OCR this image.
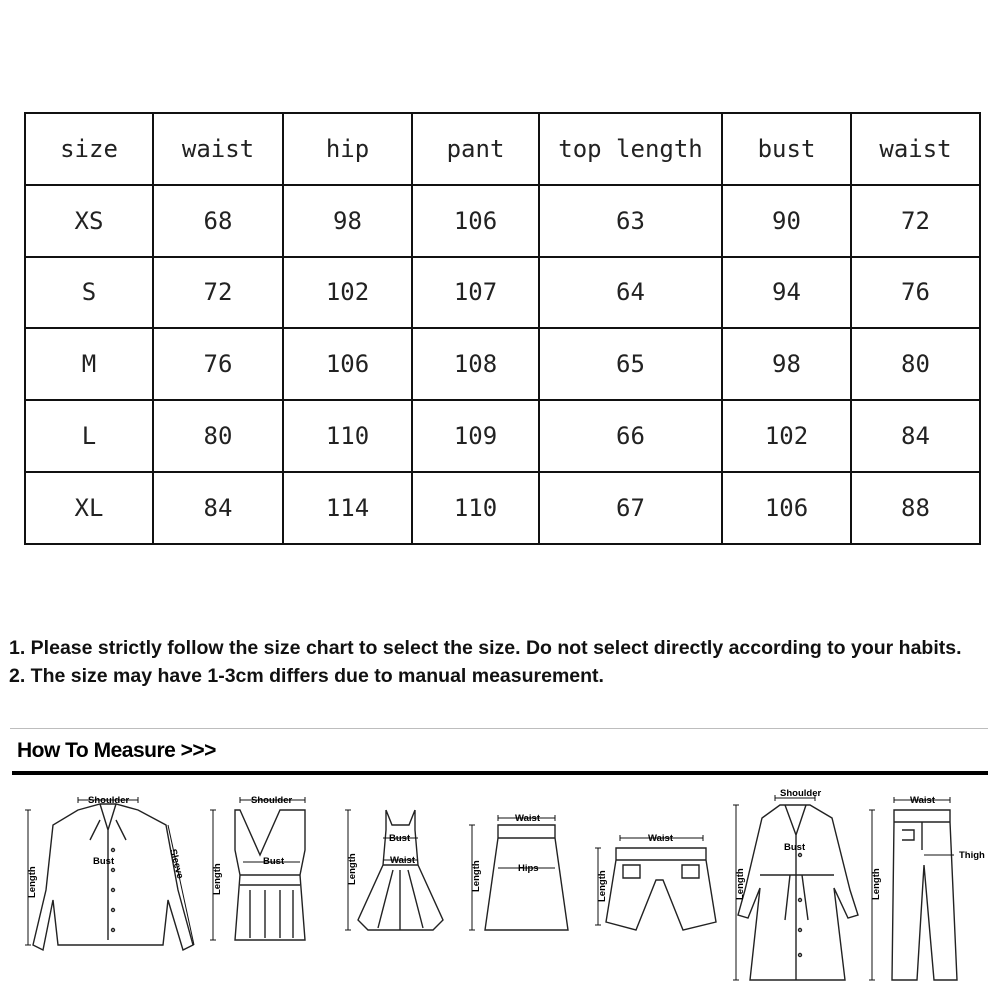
size	waist	hip	pant	top length	bust	waist
XS	68	98	106	63	90	72
S	72	102	107	64	94	76
M	76	106	108	65	98	80
L	80	110	109	66	102	84
XL	84	114	110	67	106	88

1. Please strictly follow the size chart to select the size. Do not select directly according to your habits.

2. The size may have 1-3cm differs due to manual measurement.

How To Measure >>>
Shoulder
Bust
Length
Sleeve
Shoulder
Bust
Length
Bust
Waist
Length
Waist
Hips
Length
Waist
Length
Shoulder
Bust
Length
Waist
Thigh
Length
